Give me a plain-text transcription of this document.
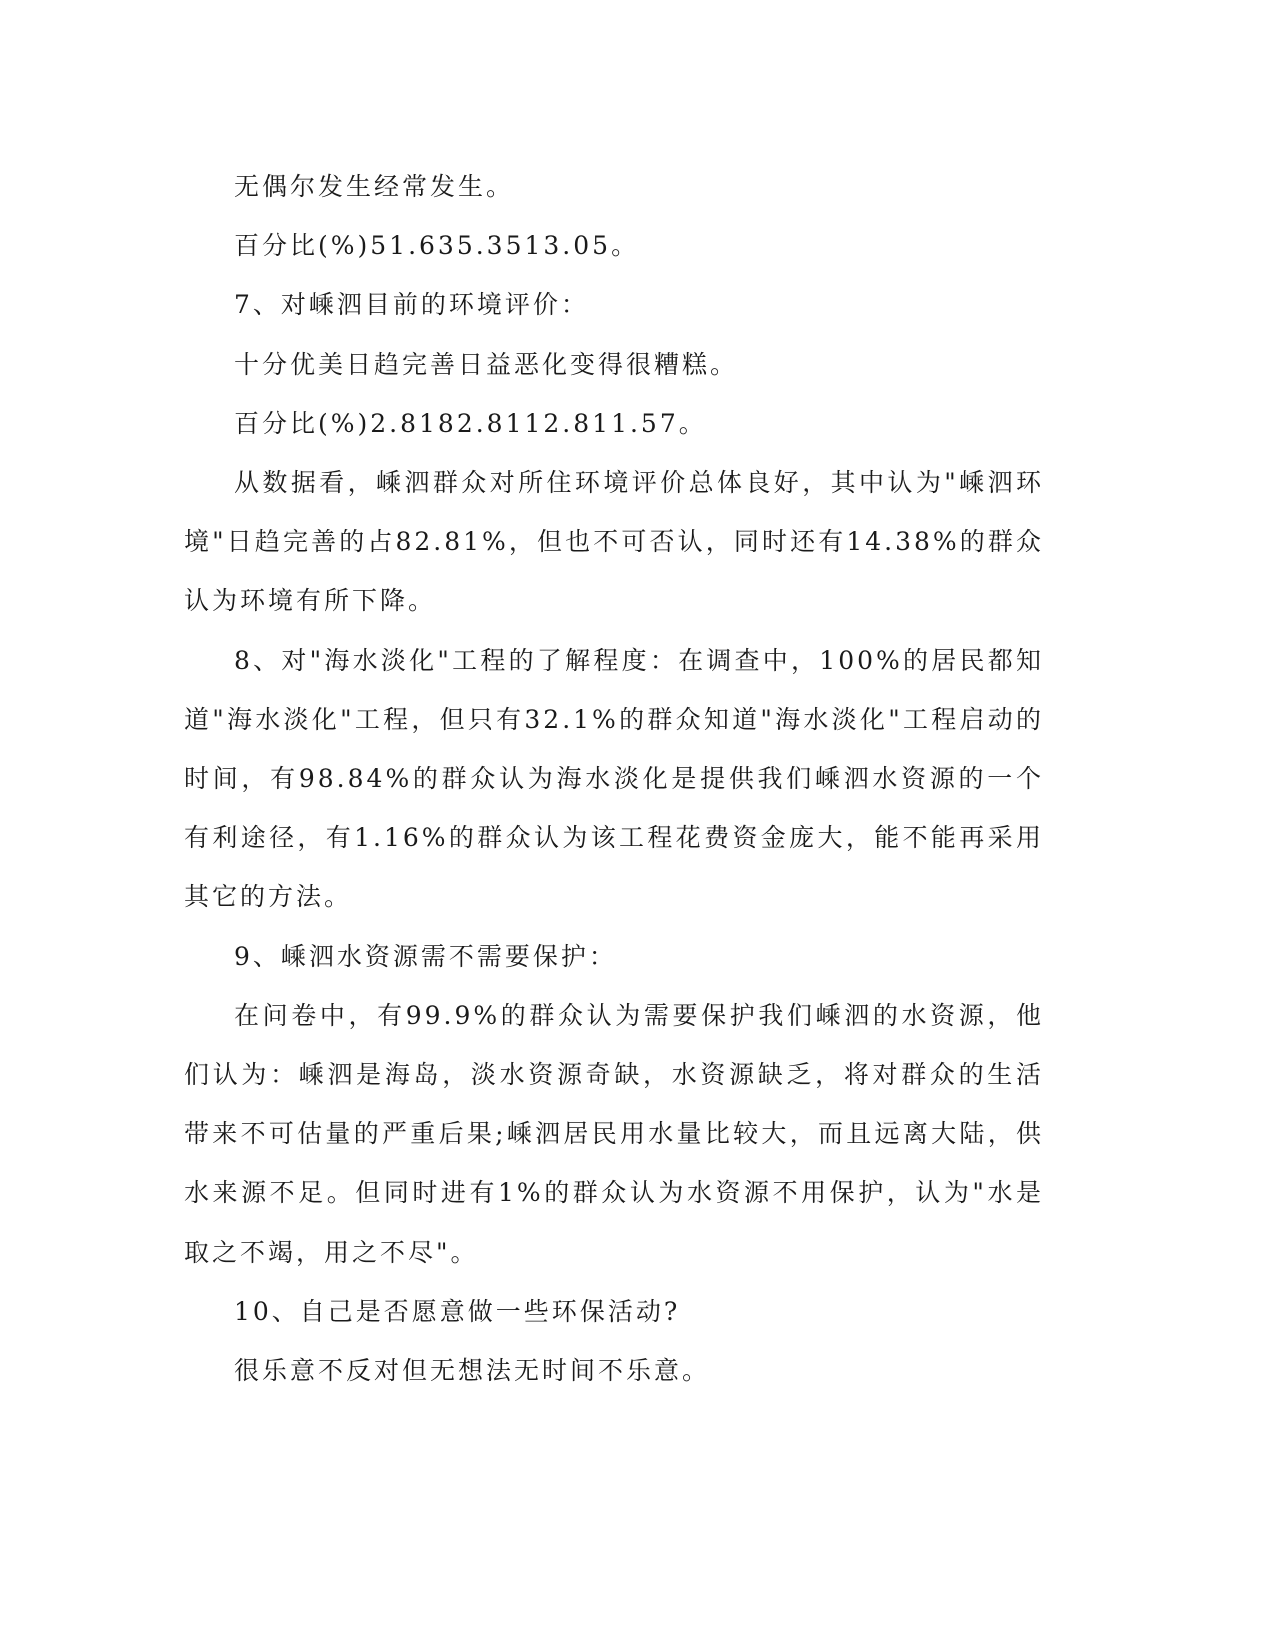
无偶尔发生经常发生。

百分比(%)51.635.3513.05。

7、对嵊泗目前的环境评价：

十分优美日趋完善日益恶化变得很糟糕。

百分比(%)2.8182.8112.811.57。

从数据看，嵊泗群众对所住环境评价总体良好，其中认为"嵊泗环境"日趋完善的占82.81%，但也不可否认，同时还有14.38%的群众认为环境有所下降。

8、对"海水淡化"工程的了解程度：在调查中，100%的居民都知道"海水淡化"工程，但只有32.1%的群众知道"海水淡化"工程启动的时间，有98.84%的群众认为海水淡化是提供我们嵊泗水资源的一个有利途径，有1.16%的群众认为该工程花费资金庞大，能不能再采用其它的方法。

9、嵊泗水资源需不需要保护：

在问卷中，有99.9%的群众认为需要保护我们嵊泗的水资源，他们认为：嵊泗是海岛，淡水资源奇缺，水资源缺乏，将对群众的生活带来不可估量的严重后果;嵊泗居民用水量比较大，而且远离大陆，供水来源不足。但同时进有1%的群众认为水资源不用保护，认为"水是取之不竭，用之不尽"。

10、自己是否愿意做一些环保活动?

很乐意不反对但无想法无时间不乐意。
